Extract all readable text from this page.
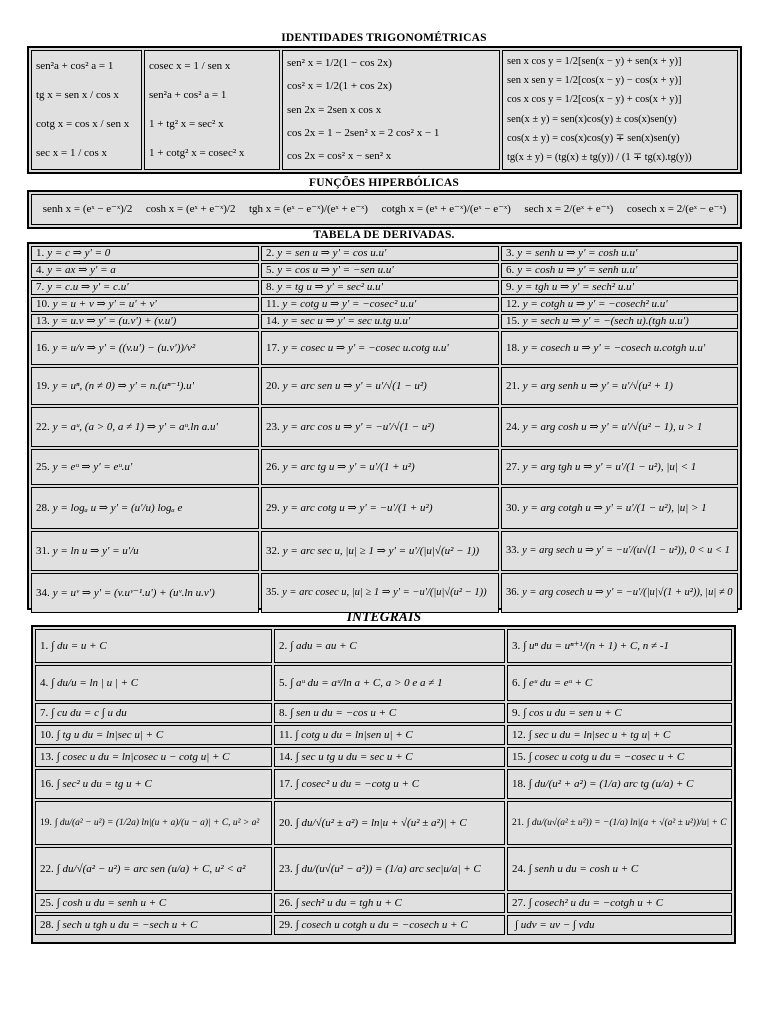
IDENTIDADES TRIGONOMÉTRICAS
sen²a + cos² a = 1
tg x = sen x / cos x
cotg x = cos x / sen x
sec x = 1 / cos x
cosec x = 1 / sen x
sen²a + cos² a = 1
1 + tg² x = sec² x
1 + cotg² x = cosec² x
sen² x = 1/2(1 − cos 2x)
cos² x = 1/2(1 + cos 2x)
sen 2x = 2sen x cos x
cos 2x = 1 − 2sen² x = 2 cos² x − 1
cos 2x = cos² x − sen² x
sen x cos y = 1/2[sen(x − y) + sen(x + y)]
sen x sen y = 1/2[cos(x − y) − cos(x + y)]
cos x cos y = 1/2[cos(x − y) + cos(x + y)]
sen(x ± y) = sen(x)cos(y) ± cos(x)sen(y)
cos(x ± y) = cos(x)cos(y) ∓ sen(x)sen(y)
tg(x ± y) = (tg(x) ± tg(y)) / (1 ∓ tg(x).tg(y))
FUNÇÕES HIPERBÓLICAS
senh x = (eˣ − e⁻ˣ)/2 cosh x = (eˣ + e⁻ˣ)/2 tgh x = (eˣ − e⁻ˣ)/(eˣ + e⁻ˣ) cotgh x = (eˣ + e⁻ˣ)/(eˣ − e⁻ˣ) sech x = 2/(eˣ + e⁻ˣ) cosech x = 2/(eˣ − e⁻ˣ)
TABELA DE DERIVADAS.
1. y = c ⇒ y' = 0	2. y = sen u ⇒ y' = cos u.u'	3. y = senh u ⇒ y' = cosh u.u'
4. y = ax ⇒ y' = a	5. y = cos u ⇒ y' = −sen u.u'	6. y = cosh u ⇒ y' = senh u.u'
7. y = c.u ⇒ y' = c.u'	8. y = tg u ⇒ y' = sec² u.u'	9. y = tgh u ⇒ y' = sech² u.u'
10. y = u + v ⇒ y' = u' + v'	11. y = cotg u ⇒ y' = −cosec² u.u'	12. y = cotgh u ⇒ y' = −cosech² u.u'
13. y = u.v ⇒ y' = (u.v') + (v.u')	14. y = sec u ⇒ y' = sec u.tg u.u'	15. y = sech u ⇒ y' = −(sech u).(tgh u.u')
16. y = u/v ⇒ y' = ((v.u') − (u.v'))/v²	17. y = cosec u ⇒ y' = −cosec u.cotg u.u'	18. y = cosech u ⇒ y' = −cosech u.cotgh u.u'
19. y = uⁿ, (n ≠ 0) ⇒ y' = n.(uⁿ⁻¹).u'	20. y = arc sen u ⇒ y' = u'/√(1 − u²)	21. y = arg senh u ⇒ y' = u'/√(u² + 1)
22. y = aᵘ, (a > 0, a ≠ 1) ⇒ y' = aᵘ.ln a.u'	23. y = arc cos u ⇒ y' = −u'/√(1 − u²)	24. y = arg cosh u ⇒ y' = u'/√(u² − 1), u > 1
25. y = eᵘ ⇒ y' = eᵘ.u'	26. y = arc tg u ⇒ y' = u'/(1 + u²)	27. y = arg tgh u ⇒ y' = u'/(1 − u²), |u| < 1
28. y = logₐ u ⇒ y' = (u'/u) logₐ e	29. y = arc cotg u ⇒ y' = −u'/(1 + u²)	30. y = arg cotgh u ⇒ y' = u'/(1 − u²), |u| > 1
31. y = ln u ⇒ y' = u'/u	32. y = arc sec u, |u| ≥ 1 ⇒ y' = u'/(|u|√(u² − 1))	33. y = arg sech u ⇒ y' = −u'/(u√(1 − u²)), 0 < u < 1
34. y = uᵛ ⇒ y' = (v.uᵛ⁻¹.u') + (uᵛ.ln u.v')	35. y = arc cosec u, |u| ≥ 1 ⇒ y' = −u'/(|u|√(u² − 1)) 36. y = arg cosech u ⇒ y' = −u'/(|u|√(1 + u²)), |u| ≠ 0
INTEGRAIS
1. ∫ du = u + C	2. ∫ adu = au + C	3. ∫ uⁿ du = uⁿ⁺¹/(n + 1) + C, n ≠ -1
4. ∫ du/u = ln | u | + C	5. ∫ aᵘ du = aᵘ/ln a + C, a > 0 e a ≠ 1	6. ∫ eᵘ du = eᵘ + C
7. ∫ cu du = c ∫ u du	8. ∫ sen u du = −cos u + C	9. ∫ cos u du = sen u + C
10. ∫ tg u du = ln|sec u| + C	11. ∫ cotg u du = ln|sen u| + C	12. ∫ sec u du = ln|sec u + tg u| + C
13. ∫ cosec u du = ln|cosec u − cotg u| + C	14. ∫ sec u tg u du = sec u + C	15. ∫ cosec u cotg u du = −cosec u + C
16. ∫ sec² u du = tg u + C	17. ∫ cosec² u du = −cotg u + C	18. ∫ du/(u² + a²) = (1/a) arc tg (u/a) + C
19. ∫ du/(a² − u²) = (1/2a) ln|(u + a)/(u − a)| + C, u² > a² 20. ∫ du/√(u² ± a²) = ln|u + √(u² ± a²)| + C	21. ∫ du/(u√(a² ± u²)) = −(1/a) ln|(a + √(a² ± u²))/u| + C
22. ∫ du/√(a² − u²) = arc sen (u/a) + C, u² < a²	23. ∫ du/(u√(u² − a²)) = (1/a) arc sec|u/a| + C	24. ∫ senh u du = cosh u + C
25. ∫ cosh u du = senh u + C	26. ∫ sech² u du = tgh u + C	27. ∫ cosech² u du = −cotgh u + C
28. ∫ sech u tgh u du = −sech u + C	29. ∫ cosech u cotgh u du = −cosech u + C	∫ udv = uv − ∫ vdu
